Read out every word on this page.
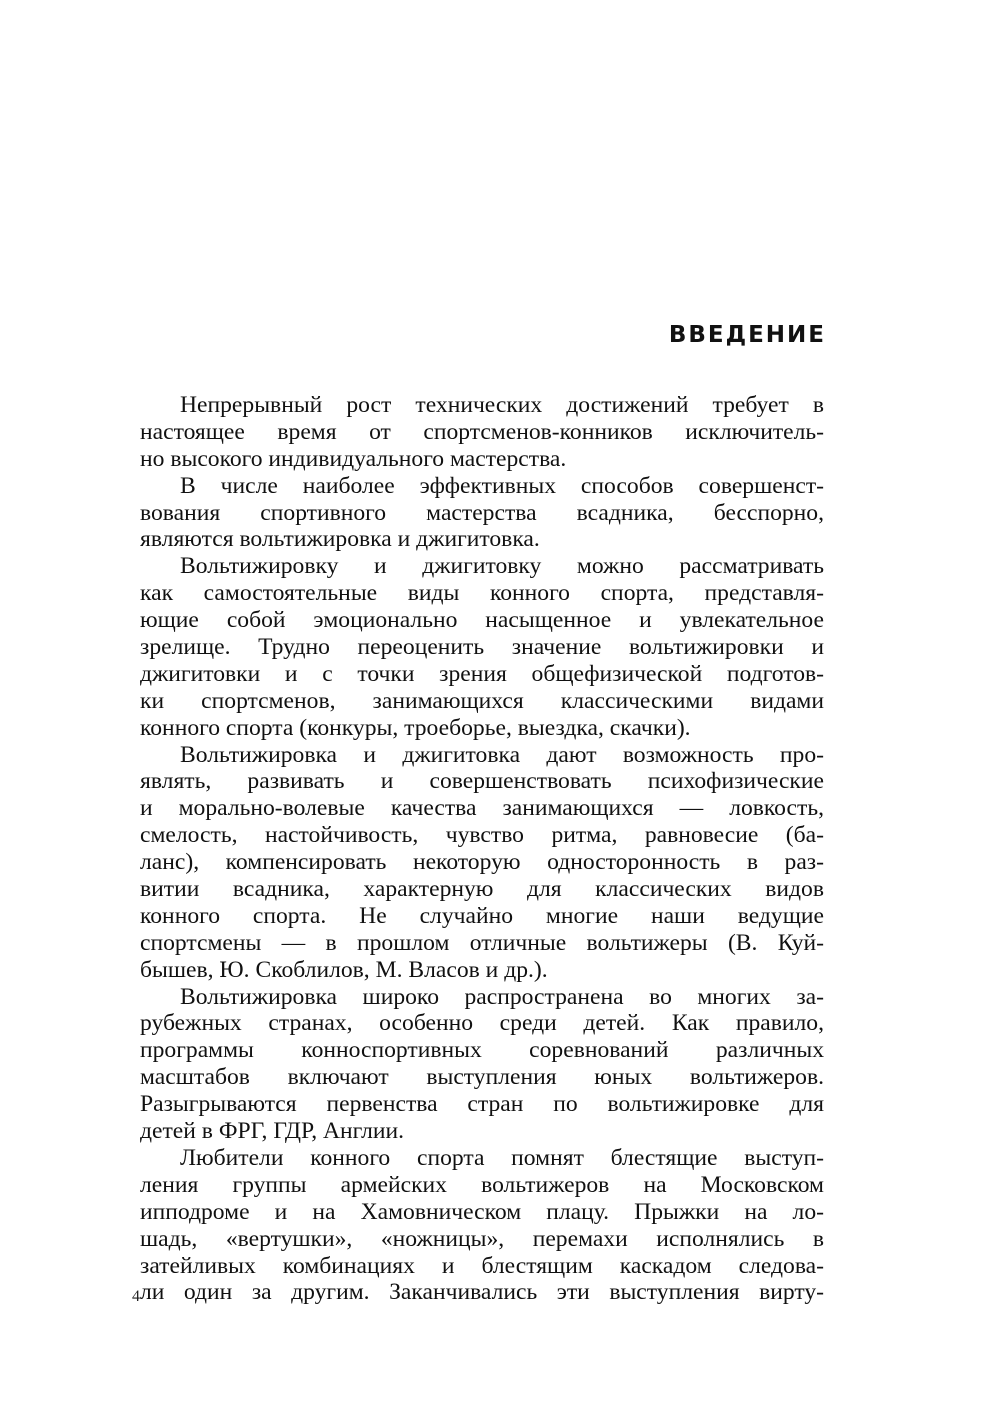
ВВЕДЕНИЕ
Непрерывный рост технических достижений требует в
настоящее время от спортсменов-конников исключитель-
но высокого индивидуального мастерства.
В числе наиболее эффективных способов совершенст-
вования спортивного мастерства всадника, бесспорно,
являются вольтижировка и джигитовка.
Вольтижировку и джигитовку можно рассматривать
как самостоятельные виды конного спорта, представля-
ющие собой эмоционально насыщенное и увлекательное
зрелище. Трудно переоценить значение вольтижировки и
джигитовки и с точки зрения общефизической подготов-
ки спортсменов, занимающихся классическими видами
конного спорта (конкуры, троеборье, выездка, скачки).
Вольтижировка и джигитовка дают возможность про-
являть, развивать и совершенствовать психофизические
и морально-волевые качества занимающихся — ловкость,
смелость, настойчивость, чувство ритма, равновесие (ба-
ланс), компенсировать некоторую односторонность в раз-
витии всадника, характерную для классических видов
конного спорта. Не случайно многие наши ведущие
спортсмены — в прошлом отличные вольтижеры (В. Куй-
бышев, Ю. Скоблилов, М. Власов и др.).
Вольтижировка широко распространена во многих за-
рубежных странах, особенно среди детей. Как правило,
программы конноспортивных соревнований различных
масштабов включают выступления юных вольтижеров.
Разыгрываются первенства стран по вольтижировке для
детей в ФРГ, ГДР, Англии.
Любители конного спорта помнят блестящие выступ-
ления группы армейских вольтижеров на Московском
ипподроме и на Хамовническом плацу. Прыжки на ло-
шадь, «вертушки», «ножницы», перемахи исполнялись в
затейливых комбинациях и блестящим каскадом следова-
ли один за другим. Заканчивались эти выступления вирту-
4
